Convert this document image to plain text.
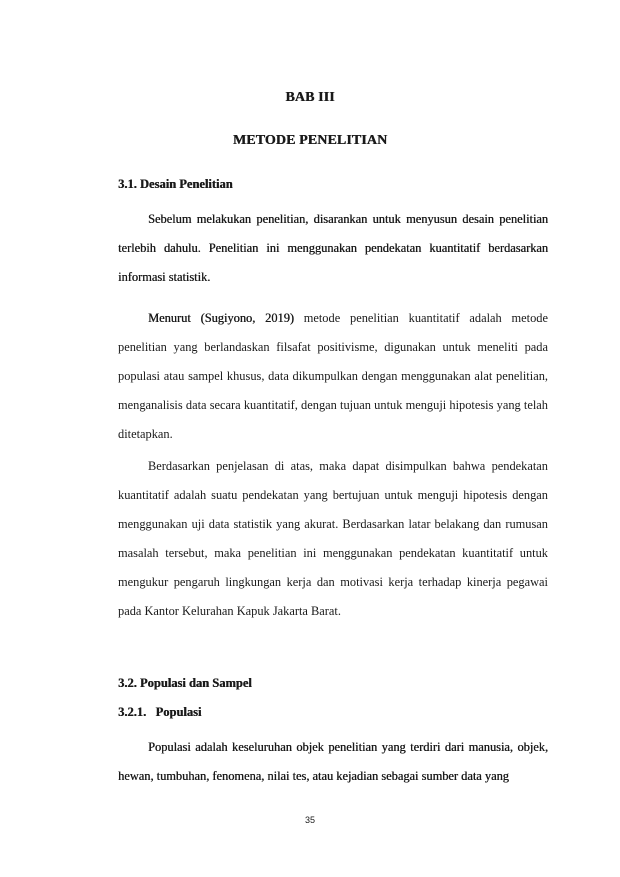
BAB III
METODE PENELITIAN
3.1. Desain Penelitian

Sebelum melakukan penelitian, disarankan untuk menyusun desain penelitian terlebih dahulu. Penelitian ini menggunakan pendekatan kuantitatif berdasarkan informasi statistik.

Menurut (Sugiyono, 2019) metode penelitian kuantitatif adalah metode penelitian yang berlandaskan filsafat positivisme, digunakan untuk meneliti pada populasi atau sampel khusus, data dikumpulkan dengan menggunakan alat penelitian, menganalisis data secara kuantitatif, dengan tujuan untuk menguji hipotesis yang telah ditetapkan.

Berdasarkan penjelasan di atas, maka dapat disimpulkan bahwa pendekatan kuantitatif adalah suatu pendekatan yang bertujuan untuk menguji hipotesis dengan menggunakan uji data statistik yang akurat. Berdasarkan latar belakang dan rumusan masalah tersebut, maka penelitian ini menggunakan pendekatan kuantitatif untuk mengukur pengaruh lingkungan kerja dan motivasi kerja terhadap kinerja pegawai pada Kantor Kelurahan Kapuk Jakarta Barat.

3.2. Populasi dan Sampel
3.2.1.   Populasi

Populasi adalah keseluruhan objek penelitian yang terdiri dari manusia, objek, hewan, tumbuhan, fenomena, nilai tes, atau kejadian sebagai sumber data yang

35
